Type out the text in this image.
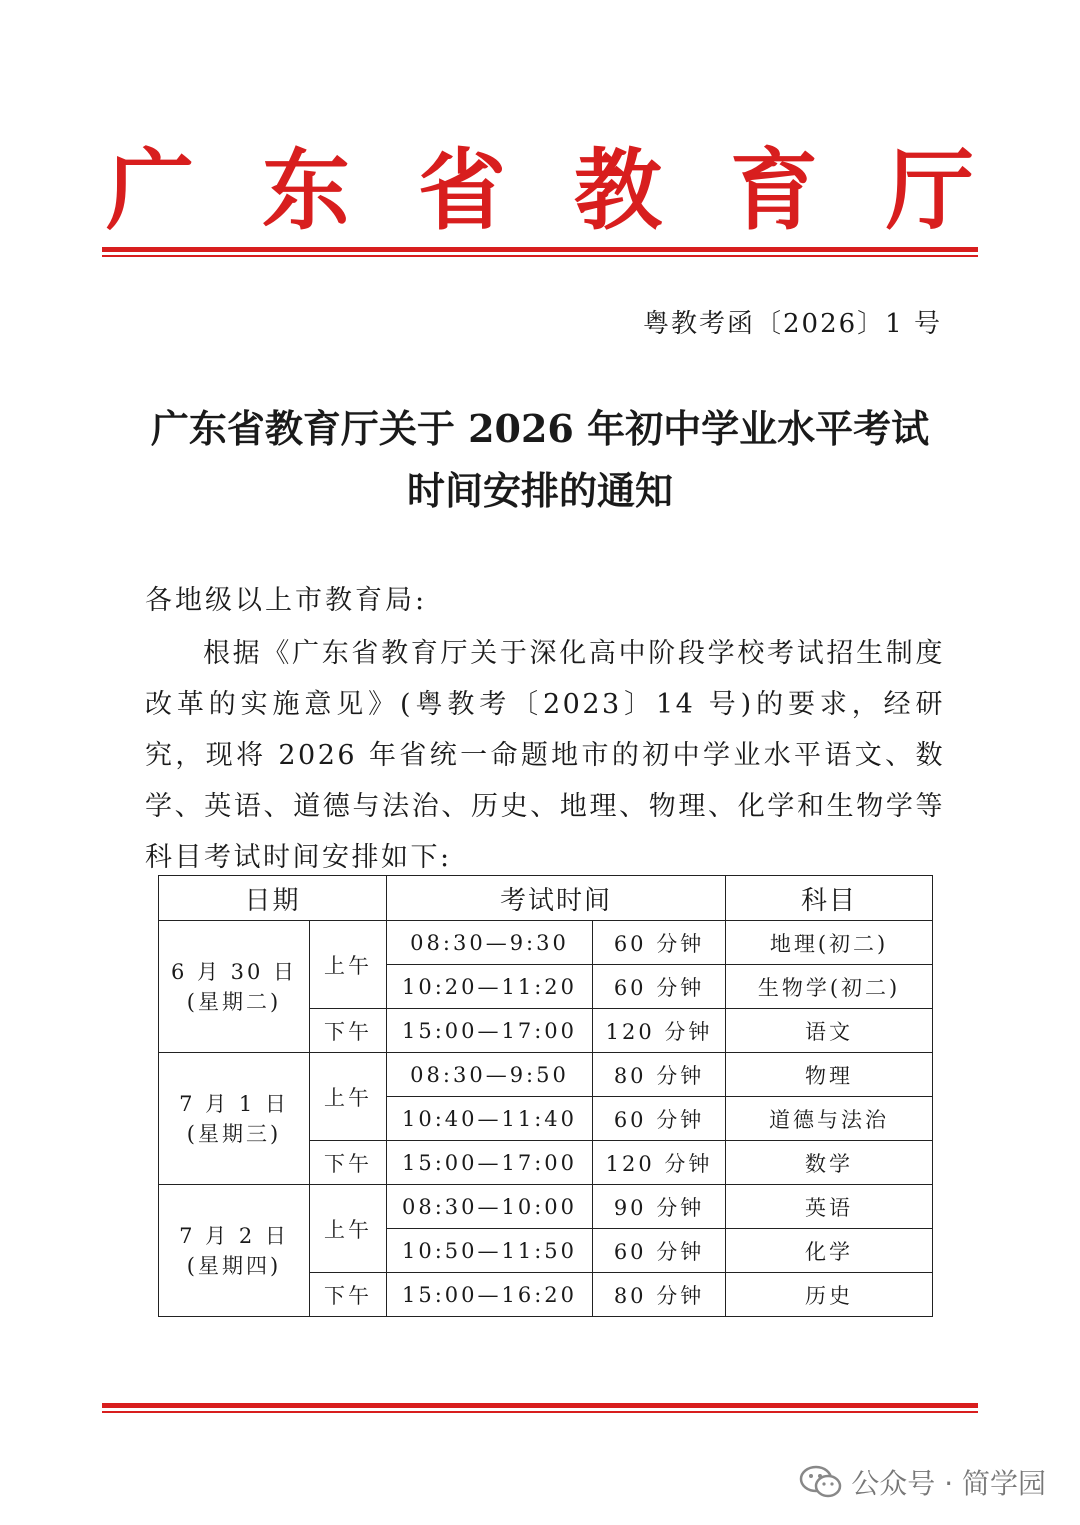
广 东 省 教 育 厅
粤教考函〔2026〕1 号
广东省教育厅关于 2026 年初中学业水平考试
时间安排的通知
各地级以上市教育局:
根据《广东省教育厅关于深化高中阶段学校考试招生制度改革的实施意见》(粤教考〔2023〕14 号)的要求，经研究，现将 2026 年省统一命题地市的初中学业水平语文、数学、英语、道德与法治、历史、地理、物理、化学和生物学等科目考试时间安排如下:
日期		考试时间		科目

6 月 30 日
(星期二)	上午	08:30—9:30	60 分钟	地理(初二)
		10:20—11:20	60 分钟	生物学(初二)
	下午	15:00—17:00	120 分钟	语文

7 月 1 日
(星期三)	上午	08:30—9:50	80 分钟	物理
		10:40—11:40	60 分钟	道德与法治
	下午	15:00—17:00	120 分钟	数学

7 月 2 日
(星期四)	上午	08:30—10:00	90 分钟	英语
		10:50—11:50	60 分钟	化学
	下午	15:00—16:20	80 分钟	历史
公众号 · 简学园
